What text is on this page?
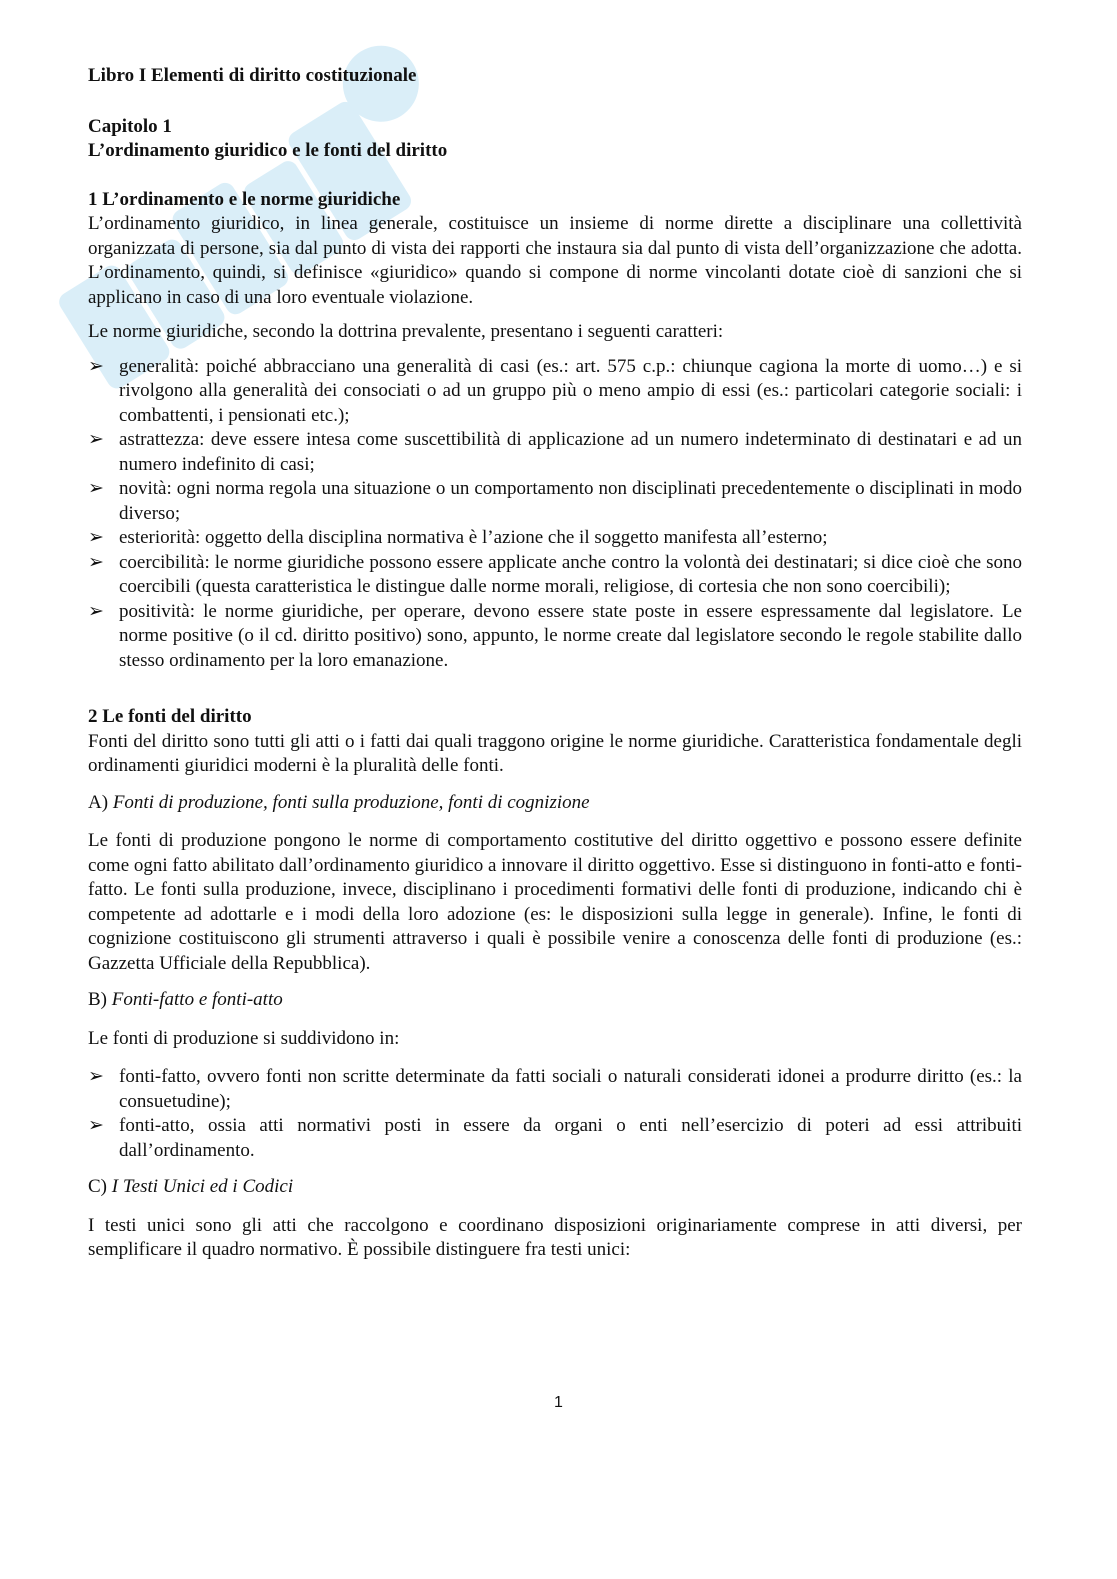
Libro I Elementi di diritto costituzionale
Capitolo 1
L’ordinamento giuridico e le fonti del diritto
1 L’ordinamento e le norme giuridiche

L’ordinamento giuridico, in linea generale, costituisce un insieme di norme dirette a disciplinare una collettività organizzata di persone, sia dal punto di vista dei rapporti che instaura sia dal punto di vista dell’organizzazione che adotta. L’ordinamento, quindi, si definisce «giuridico» quando si compone di norme vincolanti dotate cioè di sanzioni che si applicano in caso di una loro eventuale violazione.

Le norme giuridiche, secondo la dottrina prevalente, presentano i seguenti caratteri:

➢ generalità: poiché abbracciano una generalità di casi (es.: art. 575 c.p.: chiunque cagiona la morte di uomo…) e si rivolgono alla generalità dei consociati o ad un gruppo più o meno ampio di essi (es.: particolari categorie sociali: i combattenti, i pensionati etc.);
➢ astrattezza: deve essere intesa come suscettibilità di applicazione ad un numero indeterminato di destinatari e ad un numero indefinito di casi;
➢ novità: ogni norma regola una situazione o un comportamento non disciplinati precedentemente o disciplinati in modo diverso;
➢ esteriorità: oggetto della disciplina normativa è l’azione che il soggetto manifesta all’esterno;
➢ coercibilità: le norme giuridiche possono essere applicate anche contro la volontà dei destinatari; si dice cioè che sono coercibili (questa caratteristica le distingue dalle norme morali, religiose, di cortesia che non sono coercibili);
➢ positività: le norme giuridiche, per operare, devono essere state poste in essere espressamente dal legislatore. Le norme positive (o il cd. diritto positivo) sono, appunto, le norme create dal legislatore secondo le regole stabilite dallo stesso ordinamento per la loro emanazione.
2 Le fonti del diritto

Fonti del diritto sono tutti gli atti o i fatti dai quali traggono origine le norme giuridiche. Caratteristica fondamentale degli ordinamenti giuridici moderni è la pluralità delle fonti.

A) Fonti di produzione, fonti sulla produzione, fonti di cognizione

Le fonti di produzione pongono le norme di comportamento costitutive del diritto oggettivo e possono essere definite come ogni fatto abilitato dall’ordinamento giuridico a innovare il diritto oggettivo. Esse si distinguono in fonti-atto e fonti-fatto. Le fonti sulla produzione, invece, disciplinano i procedimenti formativi delle fonti di produzione, indicando chi è competente ad adottarle e i modi della loro adozione (es: le disposizioni sulla legge in generale). Infine, le fonti di cognizione costituiscono gli strumenti attraverso i quali è possibile venire a conoscenza delle fonti di produzione (es.: Gazzetta Ufficiale della Repubblica).

B) Fonti-fatto e fonti-atto

Le fonti di produzione si suddividono in:

➢ fonti-fatto, ovvero fonti non scritte determinate da fatti sociali o naturali considerati idonei a produrre diritto (es.: la consuetudine);
➢ fonti-atto, ossia atti normativi posti in essere da organi o enti nell’esercizio di poteri ad essi attribuiti dall’ordinamento.
C) I Testi Unici ed i Codici

I testi unici sono gli atti che raccolgono e coordinano disposizioni originariamente comprese in atti diversi, per semplificare il quadro normativo. È possibile distinguere fra testi unici:

1
